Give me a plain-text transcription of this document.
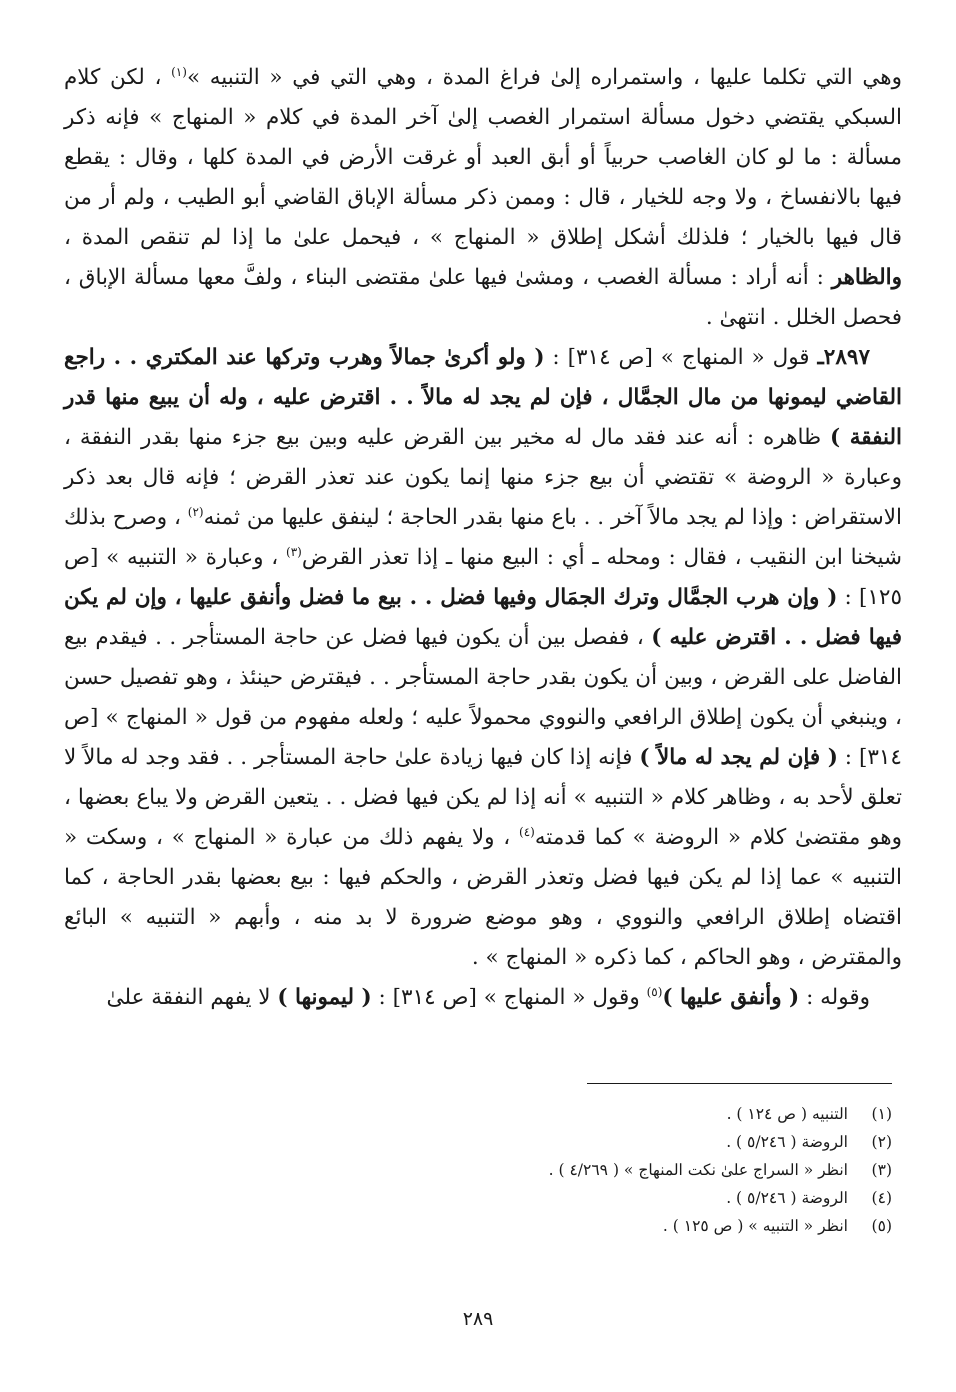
وهي التي تكلما عليها ، واستمراره إلىٰ فراغ المدة ، وهي التي في « التنبيه »$^{(١)}$ ، لكن كلام السبكي يقتضي دخول مسألة استمرار الغصب إلىٰ آخر المدة في كلام « المنهاج » فإنه ذكر مسألة : ما لو كان الغاصب حربياً أو أبق العبد أو غرقت الأرض في المدة كلها ، وقال : يقطع فيها بالانفساخ ، ولا وجه للخيار ، قال : وممن ذكر مسألة الإباق القاضي أبو الطيب ، ولم أر من قال فيها بالخيار ؛ فلذلك أشكل إطلاق « المنهاج » ، فيحمل علىٰ ما إذا لم تنقص المدة ، والظاهر : أنه أراد : مسألة الغصب ، ومشىٰ فيها علىٰ مقتضى البناء ، ولفَّ معها مسألة الإباق ، فحصل الخلل . انتهىٰ .

٢٨٩٧ـ قول « المنهاج » [ص ٣١٤] : ( ولو أكرىٰ جمالاً وهرب وتركها عند المكتري . . راجع القاضي ليمونها من مال الجمَّال ، فإن لم يجد له مالاً . . اقترض عليه ، وله أن يبيع منها قدر النفقة ) ظاهره : أنه عند فقد مال له مخير بين القرض عليه وبين بيع جزء منها بقدر النفقة ، وعبارة « الروضة » تقتضي أن بيع جزء منها إنما يكون عند تعذر القرض ؛ فإنه قال بعد ذكر الاستقراض : وإذا لم يجد مالاً آخر . . باع منها بقدر الحاجة ؛ لينفق عليها من ثمنه$^{(٢)}$ ، وصرح بذلك شيخنا ابن النقيب ، فقال : ومحله ـ أي : البيع منها ـ إذا تعذر القرض$^{(٣)}$ ، وعبارة « التنبيه » [ص ١٢٥] : ( وإن هرب الجمَّال وترك الجمَال وفيها فضل . . بيع ما فضل وأنفق عليها ، وإن لم يكن فيها فضل . . اقترض عليه ) ، ففصل بين أن يكون فيها فضل عن حاجة المستأجر . . فيقدم بيع الفاضل على القرض ، وبين أن يكون بقدر حاجة المستأجر . . فيقترض حينئذ ، وهو تفصيل حسن ، وينبغي أن يكون إطلاق الرافعي والنووي محمولاً عليه ؛ ولعله مفهوم من قول « المنهاج » [ص ٣١٤] : ( فإن لم يجد له مالاً ) فإنه إذا كان فيها زيادة علىٰ حاجة المستأجر . . فقد وجد له مالاً لا تعلق لأحد به ، وظاهر كلام « التنبيه » أنه إذا لم يكن فيها فضل . . يتعين القرض ولا يباع بعضها ، وهو مقتضىٰ كلام « الروضة » كما قدمته$^{(٤)}$ ، ولا يفهم ذلك من عبارة « المنهاج » ، وسكت « التنبيه » عما إذا لم يكن فيها فضل وتعذر القرض ، والحكم فيها : بيع بعضها بقدر الحاجة ، كما اقتضاه إطلاق الرافعي والنووي ، وهو موضع ضرورة لا بد منه ، وأبهم « التنبيه » البائع والمقترض ، وهو الحاكم ، كما ذكره « المنهاج » .

وقوله : ( وأنفق عليها )$^{(٥)}$ وقول « المنهاج » [ص ٣١٤] : ( ليمونها ) لا يفهم النفقة علىٰ

(١)
التنبيه ( ص ١٢٤ ) .
(٢)
الروضة ( ٥/٢٤٦ ) .
(٣)
انظر « السراج علىٰ نكت المنهاج » ( ٤/٢٦٩ ) .
(٤)
الروضة ( ٥/٢٤٦ ) .
(٥)
انظر « التنبيه » ( ص ١٢٥ ) .
٢٨٩
